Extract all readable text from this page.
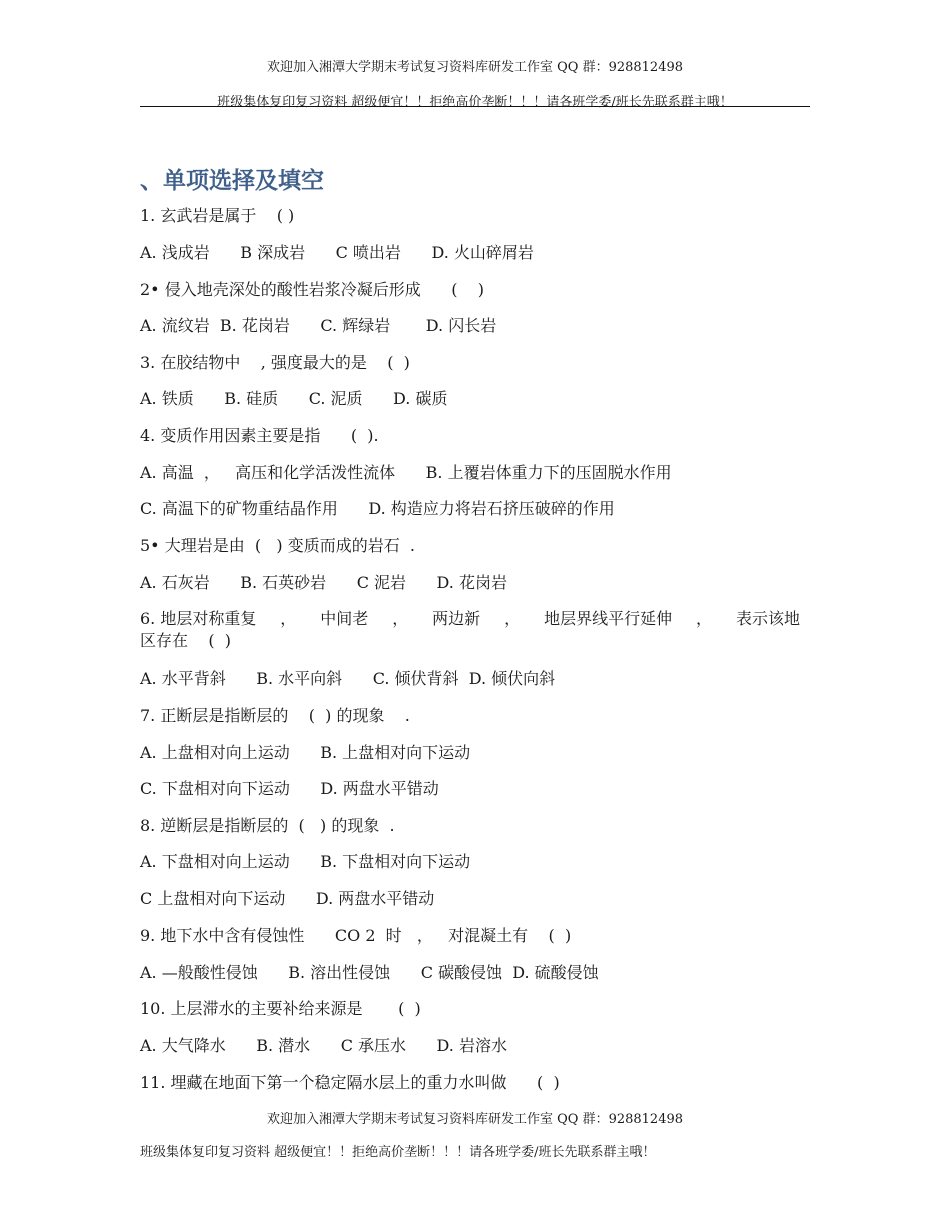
欢迎加入湘潭大学期末考试复习资料库研发工作室 QQ 群：928812498
班级集体复印复习资料 超级便宜！！拒绝高价垄断！！！请各班学委/班长先联系群主哦！
、单项选择及填空
1. 玄武岩是属于    ( )
A. 浅成岩      B 深成岩      C 喷出岩      D. 火山碎屑岩
2• 侵入地壳深处的酸性岩浆冷凝后形成      (    )
A. 流纹岩  B. 花岗岩      C. 辉绿岩       D. 闪长岩
3. 在胶结物中    , 强度最大的是    (  )
A. 铁质      B. 硅质      C. 泥质      D. 碳质
4. 变质作用因素主要是指      (  ).
A. 高温  ，   高压和化学活泼性流体      B. 上覆岩体重力下的压固脱水作用
C. 高温下的矿物重结晶作用      D. 构造应力将岩石挤压破碎的作用
5• 大理岩是由  (   ) 变质而成的岩石  .
A. 石灰岩      B. 石英砂岩      C 泥岩      D. 花岗岩
6. 地层对称重复 ， 中间老 ， 两边新 ， 地层界线平行延伸 ， 表示该地
区存在    (  )
A. 水平背斜      B. 水平向斜      C. 倾伏背斜  D. 倾伏向斜
7. 正断层是指断层的    (  ) 的现象    .
A. 上盘相对向上运动      B. 上盘相对向下运动
C. 下盘相对向下运动      D. 两盘水平错动
8. 逆断层是指断层的  (   ) 的现象  .
A. 下盘相对向上运动      B. 下盘相对向下运动
C 上盘相对向下运动      D. 两盘水平错动
9. 地下水中含有侵蚀性      CO 2  时   ，   对混凝土有    (  )
A. —般酸性侵蚀      B. 溶出性侵蚀      C 碳酸侵蚀  D. 硫酸侵蚀
10. 上层滞水的主要补给来源是       (  )
A. 大气降水      B. 潜水      C 承压水      D. 岩溶水
11. 埋藏在地面下第一个稳定隔水层上的重力水叫做      (  )
欢迎加入湘潭大学期末考试复习资料库研发工作室 QQ 群：928812498
班级集体复印复习资料 超级便宜！！拒绝高价垄断！！！请各班学委/班长先联系群主哦！
